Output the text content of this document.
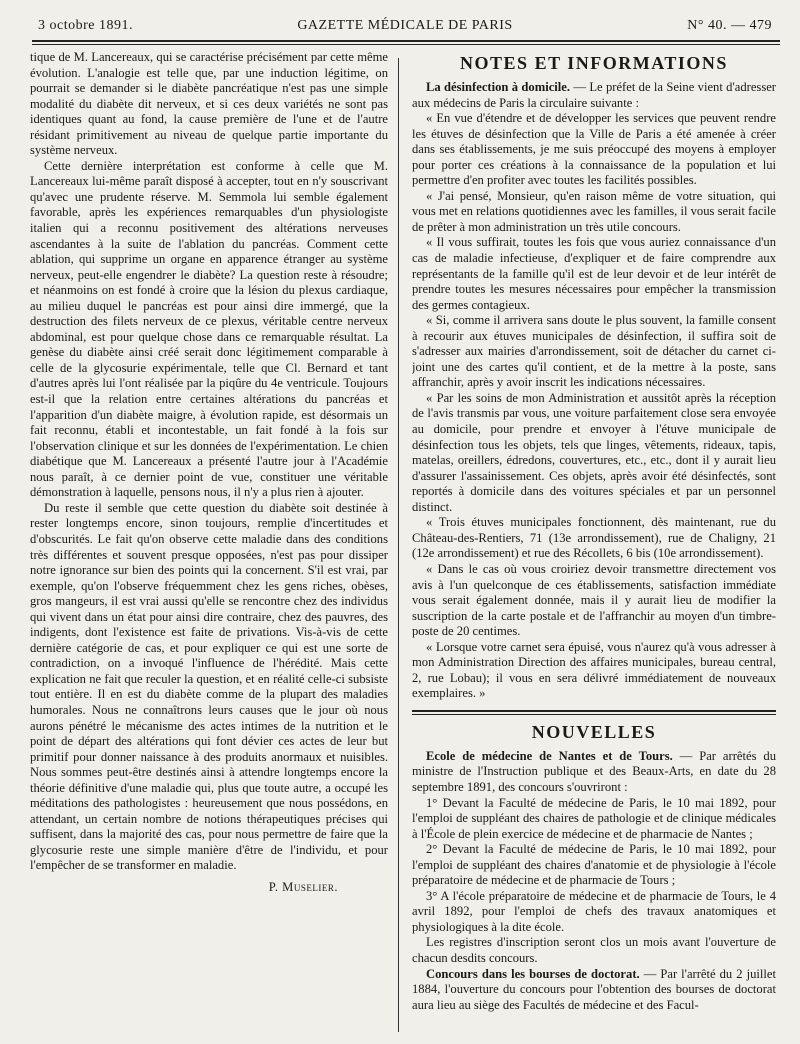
3 octobre 1891.	GAZETTE MÉDICALE DE PARIS	N° 40. — 479

tique de M. Lancereaux, qui se caractérise précisément par cette même évolution. L'analogie est telle que, par une induction légitime, on pourrait se demander si le diabète pancréatique n'est pas une simple modalité du diabète dit nerveux, et si ces deux variétés ne sont pas identiques quant au fond, la cause première de l'une et de l'autre résidant primitivement au niveau de quelque partie importante du système nerveux.

Cette dernière interprétation est conforme à celle que M. Lancereaux lui-même paraît disposé à accepter, tout en n'y souscrivant qu'avec une prudente réserve. M. Semmola lui semble également favorable, après les expériences remarquables d'un physiologiste italien qui a reconnu positivement des altérations nerveuses ascendantes à la suite de l'ablation du pancréas. Comment cette ablation, qui supprime un organe en apparence étranger au système nerveux, peut-elle engendrer le diabète? La question reste à résoudre; et néanmoins on est fondé à croire que la lésion du plexus cardiaque, au milieu duquel le pancréas est pour ainsi dire immergé, que la destruction des filets nerveux de ce plexus, véritable centre nerveux abdominal, est pour quelque chose dans ce remarquable résultat. La genèse du diabète ainsi créé serait donc légitimement comparable à celle de la glycosurie expérimentale, telle que Cl. Bernard et tant d'autres après lui l'ont réalisée par la piqûre du 4e ventricule. Toujours est-il que la relation entre certaines altérations du pancréas et l'apparition d'un diabète maigre, à évolution rapide, est désormais un fait reconnu, établi et incontestable, un fait fondé à la fois sur l'observation clinique et sur les données de l'expérimentation. Le chien diabétique que M. Lancereaux a présenté l'autre jour à l'Académie nous paraît, à ce dernier point de vue, constituer une véritable démonstration à laquelle, pensons nous, il n'y a plus rien à ajouter.

Du reste il semble que cette question du diabète soit destinée à rester longtemps encore, sinon toujours, remplie d'incertitudes et d'obscurités. Le fait qu'on observe cette maladie dans des conditions très différentes et souvent presque opposées, n'est pas pour dissiper notre ignorance sur bien des points qui la concernent. S'il est vrai, par exemple, qu'on l'observe fréquemment chez les gens riches, obèses, gros mangeurs, il est vrai aussi qu'elle se rencontre chez des individus qui vivent dans un état pour ainsi dire contraire, chez des pauvres, des indigents, dont l'existence est faite de privations. Vis-à-vis de cette dernière catégorie de cas, et pour expliquer ce qui est une sorte de contradiction, on a invoqué l'influence de l'hérédité. Mais cette explication ne fait que reculer la question, et en réalité celle-ci subsiste tout entière. Il en est du diabète comme de la plupart des maladies humorales. Nous ne connaîtrons leurs causes que le jour où nous aurons pénétré le mécanisme des actes intimes de la nutrition et le point de départ des altérations qui font dévier ces actes de leur but primitif pour donner naissance à des produits anormaux et nuisibles. Nous sommes peut-être destinés ainsi à attendre longtemps encore la théorie définitive d'une maladie qui, plus que toute autre, a occupé les méditations des pathologistes : heureusement que nous possédons, en attendant, un certain nombre de notions thérapeutiques précises qui suffisent, dans la majorité des cas, pour nous permettre de faire que la glycosurie reste une simple manière d'être de l'individu, et pour l'empêcher de se transformer en maladie.

P. Muselier.
NOTES ET INFORMATIONS

La désinfection à domicile. — Le préfet de la Seine vient d'adresser aux médecins de Paris la circulaire suivante :

« En vue d'étendre et de développer les services que peuvent rendre les étuves de désinfection que la Ville de Paris a été amenée à créer dans ses établissements, je me suis préoccupé des moyens à employer pour porter ces créations à la connaissance de la population et lui permettre d'en profiter avec toutes les facilités possibles.

« J'ai pensé, Monsieur, qu'en raison même de votre situation, qui vous met en relations quotidiennes avec les familles, il vous serait facile de prêter à mon administration un très utile concours.

« Il vous suffirait, toutes les fois que vous auriez connaissance d'un cas de maladie infectieuse, d'expliquer et de faire comprendre aux représentants de la famille qu'il est de leur devoir et de leur intérêt de prendre toutes les mesures nécessaires pour empêcher la transmission des germes contagieux.

« Si, comme il arrivera sans doute le plus souvent, la famille consent à recourir aux étuves municipales de désinfection, il suffira soit de s'adresser aux mairies d'arrondissement, soit de détacher du carnet ci-joint une des cartes qu'il contient, et de la mettre à la poste, sans affranchir, après y avoir inscrit les indications nécessaires.

« Par les soins de mon Administration et aussitôt après la réception de l'avis transmis par vous, une voiture parfaitement close sera envoyée au domicile, pour prendre et envoyer à l'étuve municipale de désinfection tous les objets, tels que linges, vêtements, rideaux, tapis, matelas, oreillers, édredons, couvertures, etc., etc., dont il y aurait lieu d'assurer l'assainissement. Ces objets, après avoir été désinfectés, sont reportés à domicile dans des voitures spéciales et par un personnel distinct.

« Trois étuves municipales fonctionnent, dès maintenant, rue du Château-des-Rentiers, 71 (13e arrondissement), rue de Chaligny, 21 (12e arrondissement) et rue des Récollets, 6 bis (10e arrondissement).

« Dans le cas où vous croiriez devoir transmettre directement vos avis à l'un quelconque de ces établissements, satisfaction immédiate vous serait également donnée, mais il y aurait lieu de modifier la suscription de la carte postale et de l'affranchir au moyen d'un timbre-poste de 20 centimes.

« Lorsque votre carnet sera épuisé, vous n'aurez qu'à vous adresser à mon Administration Direction des affaires municipales, bureau central, 2, rue Lobau); il vous en sera délivré immédiatement de nouveaux exemplaires. »

NOUVELLES

Ecole de médecine de Nantes et de Tours. — Par arrêtés du ministre de l'Instruction publique et des Beaux-Arts, en date du 28 septembre 1891, des concours s'ouvriront :

1° Devant la Faculté de médecine de Paris, le 10 mai 1892, pour l'emploi de suppléant des chaires de pathologie et de clinique médicales à l'École de plein exercice de médecine et de pharmacie de Nantes ;

2° Devant la Faculté de médecine de Paris, le 10 mai 1892, pour l'emploi de suppléant des chaires d'anatomie et de physiologie à l'école préparatoire de médecine et de pharmacie de Tours ;

3° A l'école préparatoire de médecine et de pharmacie de Tours, le 4 avril 1892, pour l'emploi de chefs des travaux anatomiques et physiologiques à la dite école.

Les registres d'inscription seront clos un mois avant l'ouverture de chacun desdits concours.

Concours dans les bourses de doctorat. — Par l'arrêté du 2 juillet 1884, l'ouverture du concours pour l'obtention des bourses de doctorat aura lieu au siège des Facultés de médecine et des Facul-
